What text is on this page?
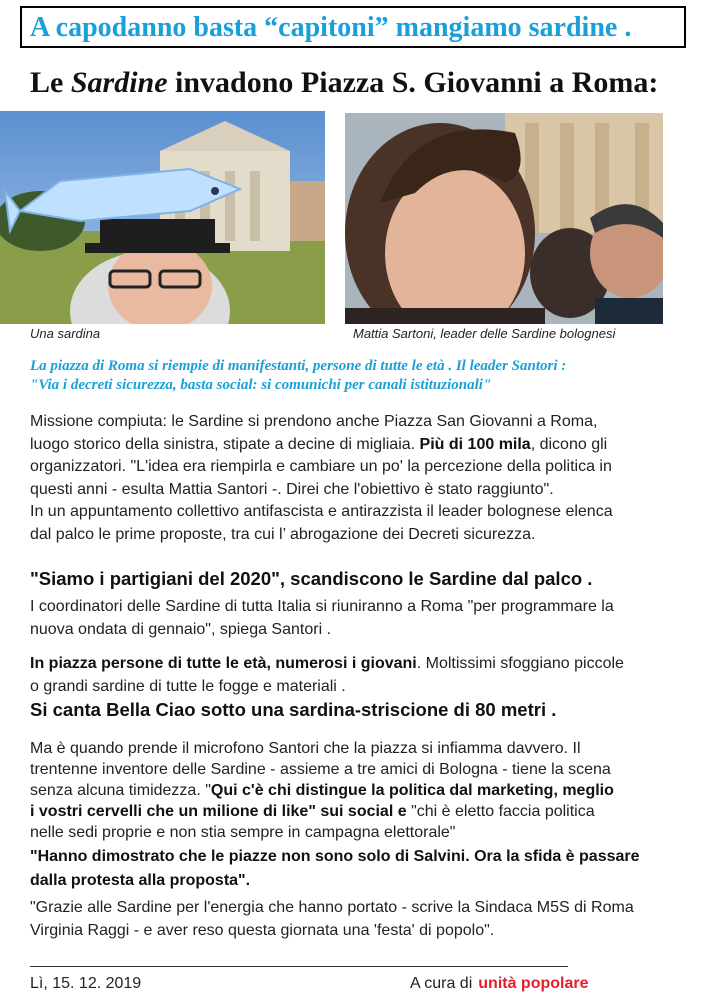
A capodanno basta “capitoni” mangiamo sardine .
Le Sardine invadono Piazza S. Giovanni a Roma:
Una sardina	Mattia Sartoni, leader delle Sardine bolognesi
La piazza di Roma si riempie di manifestanti, persone di tutte le età . Il leader Santori :
"Via i decreti sicurezza, basta social: si comunichi per canali istituzionali"
Missione compiuta: le Sardine si prendono anche Piazza San Giovanni a Roma,
luogo storico della sinistra, stipate a decine di migliaia. Più di 100 mila, dicono gli
organizzatori. "L'idea era riempirla e cambiare un po' la percezione della politica in
questi anni - esulta Mattia Santori -. Direi che l'obiettivo è stato raggiunto".
In un appuntamento collettivo antifascista e antirazzista il leader bolognese elenca
dal palco le prime proposte, tra cui l’ abrogazione dei Decreti sicurezza.
"Siamo i partigiani del 2020", scandiscono le Sardine dal palco .
I coordinatori delle Sardine di tutta Italia si riuniranno a Roma "per programmare la
nuova ondata di gennaio", spiega Santori .
In piazza persone di tutte le età, numerosi i giovani. Moltissimi sfoggiano piccole
o grandi sardine di tutte le fogge e materiali .
Si canta Bella Ciao sotto una sardina-striscione di 80 metri .
Ma è quando prende il microfono Santori che la piazza si infiamma davvero. Il
trentenne inventore delle Sardine - assieme a tre amici di Bologna - tiene la scena
senza alcuna timidezza. "Qui c'è chi distingue la politica dal marketing, meglio
i vostri cervelli che un milione di like" sui social e "chi è eletto faccia politica
nelle sedi proprie e non stia sempre in campagna elettorale"
"Hanno dimostrato che le piazze non sono solo di Salvini. Ora la sfida è passare
dalla protesta alla proposta".
"Grazie alle Sardine per l'energia che hanno portato - scrive la Sindaca M5S di Roma
Virginia Raggi - e aver reso questa giornata una 'festa' di popolo".
Lì, 15. 12. 2019	A cura di unità popolare
